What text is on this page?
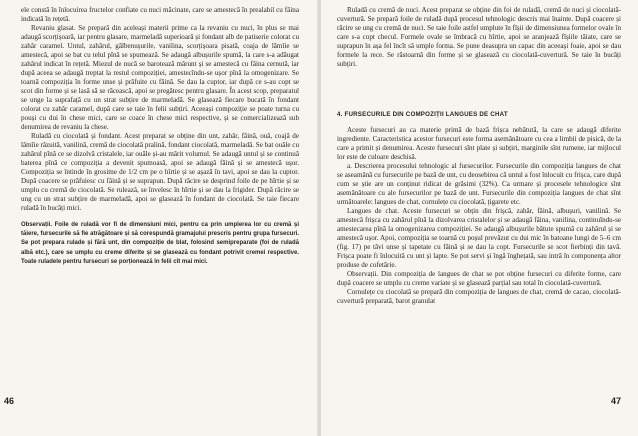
ele constă în înlocuirea fructelor confiate cu nuci măcinate, care se amestecă în prealabil cu făina indicată în rețetă.

Revaniu glasat. Se prepară din aceleași materii prime ca la revaniu cu nuci, în plus se mai adaugă scorțișoară, iar pentru glasare, marmeladă superioară și fondant alb de patiserie colorat cu zahăr caramel. Untul, zahărul, gălbenușurile, vanilina, scorțișoara pisată, coaja de lămîie se amestecă, apoi se bat cu telul pînă se spumează. Se adaugă albușurile spumă, la care s-a adăugat zahărul indicat în rețetă. Miezul de nucă se barotează mărunt și se amestecă cu făina cernută, iar după aceea se adaugă treptat la restul compoziției, amestecîndu-se ușor pînă la omogenizare. Se toarnă compoziția în forme unse și prăfuite cu făină. Se dau la cuptor, iar după ce s-au copt se scot din forme și se lasă să se răcească, apoi se pregătesc pentru glasare. În acest scop, preparatul se unge la suprafață cu un strat subțire de marmeladă. Se glasează fiecare bucată în fondant colorat cu zahăr caramel, după care se taie în felii subțiri. Aceeași compoziție se poate turna cu pouși cu dui în chese mici, care se coace în chese mici respective, și se comercializează sub denumirea de revaniu la chese.

Ruladă cu ciocolată și fondant. Acest preparat se obține din unt, zahăr, făină, ouă, coajă de lămîie răzuită, vanilină, cremă de ciocolată pralină, fondant ciocolată, marmeladă. Se bat ouăle cu zahărul pînă ce se dizolvă cristalele, iar ouăle și-au mărit volumul. Se adaugă untul și se continuă baterea pînă ce compoziția a devenit spumoasă, apoi se adaugă făină și se amestecă ușor. Compoziția se întinde în grosime de 1/2 cm pe o hîrtie și se așază în tavi, apoi se dau la cuptor. După coacere se prăfuiesc cu făină și se suprapun. După răcire se desprind foile de pe hîrtie și se umplu cu cremă de ciocolată. Se rulează, se învelesc în hîrtie și se dau la frigider. După răcire se ung cu un strat subțire de marmeladă, apoi se glasează în fondant de ciocolată. Se taie fiecare ruladă în bucăți mici.

Observații. Foile de ruladă vor fi de dimensiuni mici, pentru ca prin umplerea lor cu cremă și tăiere, fursecurile să fie atrăgătoare și să corespundă gramajului prescris pentru grupa fursecuri. Se pot prepara rulade și fără unt, din compoziție de blat, folosind semipreparate (foi de ruladă albă etc.), care se umplu cu creme diferite și se glasează cu fondant potrivit cremei respective. Toate ruladele pentru fursecuri se porționează în felii cît mai mici.
46

Ruladă cu cremă de nuci. Acest preparat se obține din foi de ruladă, cremă de nuci și ciocolată-cuvertură. Se prepară foile de ruladă după procesul tehnologic descris mai înainte. După coacere și răcire se ung cu cremă de nuci. Se taie foile astfel umplute în fîșii de dimensiunea formelor ovale în care s-a copt checul. Formele ovale se îmbracă cu hîrtie, apoi se aranjează fîșiile tăiate, care se suprapun în așa fel încît să umple forma. Se pune deasupra un capac din aceeași foaie, apoi se dau formele la rece. Se răstoarnă din forme și se glasează cu ciocolată-cuvertură. Se taie în bucăți subțiri.

4. FURSECURILE DIN COMPOZIȚII LANGUES DE CHAT

Aceste fursecuri au ca materie primă de bază frișca nebătută, la care se adaugă diferite ingrediente. Caracteristica acestor fursecuri este forma asemănătoare cu cea a limbii de pisică, de la care a primit și denumirea. Aceste fursecuri sînt plate și subțiri, marginile sînt rumene, iar mijlocul lor este de culoare deschisă.

a. Descrierea procesului tehnologic al fursecurilor. Fursecurile din compoziția langues de chat se aseamănă cu fursecurile pe bază de unt, cu deosebirea că untul a fost înlocuit cu frișca, care după cum se știe are un conținut ridicat de grăsimi (32%). Ca urmare și procesele tehnologice sînt asemănătoare cu ale fursecurilor pe bază de unt. Fursecurile din compoziția langues de chat sînt următoarele: langues de chat, cornulețe cu ciocolată, țigarete etc.

Langues de chat. Aceste fursecuri se obțin din frișcă, zahăr, făină, albușuri, vanilină. Se amestecă frișca cu zahărul pînă la dizolvarea cristalelor și se adaugă făina, vanilina, continuîndu-se amestecarea pînă la omogenizarea compoziției. Se adaugă albușurile bătute spumă cu zahărul și se amestecă ușor. Apoi, compoziția se toarnă cu poșul prevăzut cu dui mic în batoane lungi de 5–6 cm (fig. 17) pe tăvi unse și tapetate cu făină și se dau la copt. Fursecurile se scot fierbinți din tavă. Frișca poate fi înlocuită cu unt și lapte. Se pot servi și îngă înghețată, sau intră în componența altor produse de cofetărie.

Observații. Din compoziția de langues de chat se pot obține fursecuri cu diferite forme, care după coacere se umplu cu creme variate și se glasează parțial sau total în ciocolată-cuvertură.

Cornulețe cu ciocolată se prepară din compoziția de langues de chat, cremă de cacao, ciocolată-cuvertură preparată, barot granulat

47
